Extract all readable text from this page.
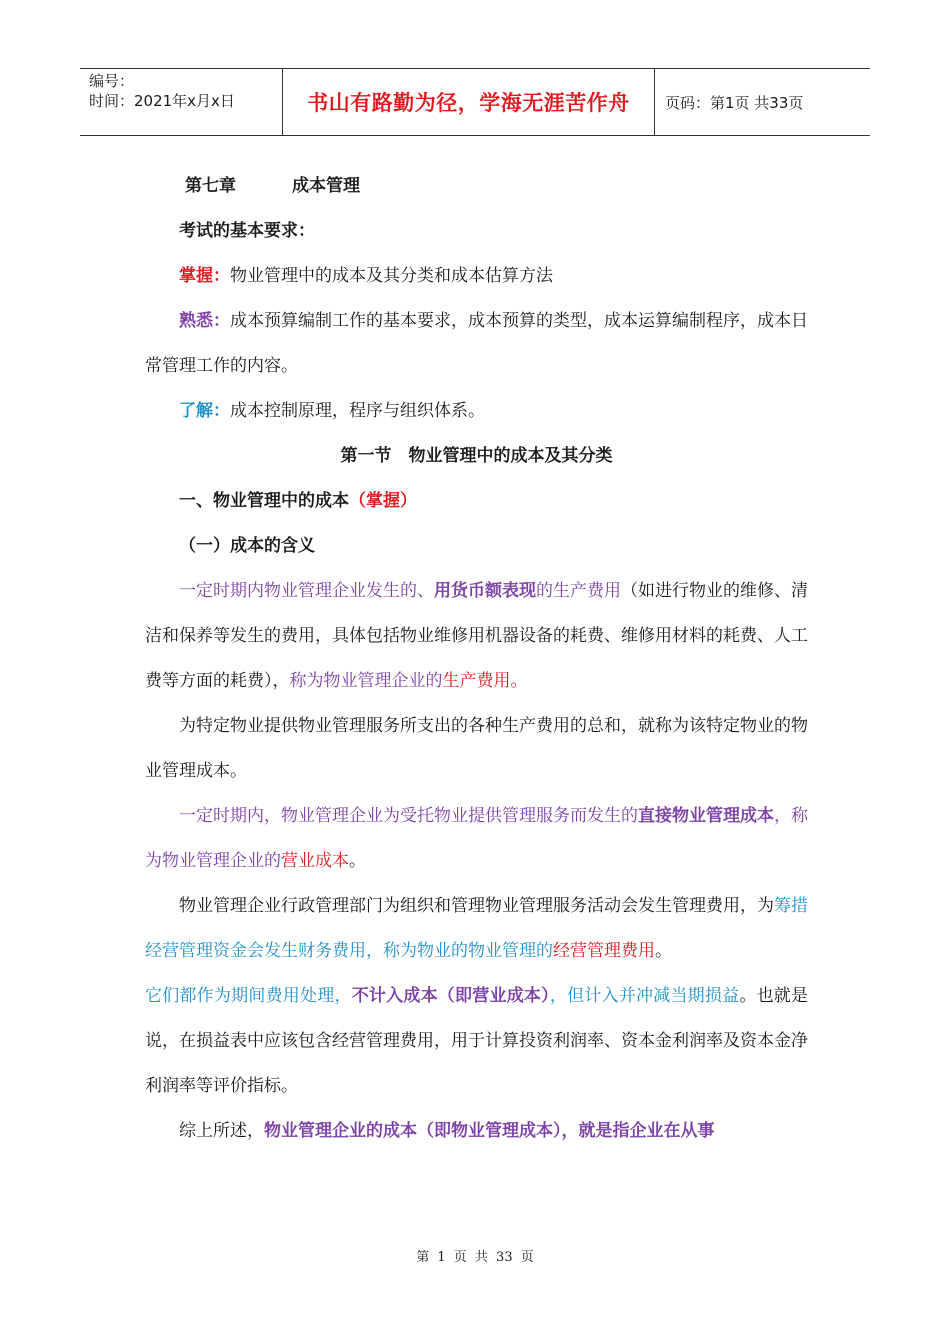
编号：
时间：2021年x月x日	书山有路勤为径，学海无涯苦作舟	页码：第1页 共33页

第七章	成本管理

考试的基本要求：

掌握：物业管理中的成本及其分类和成本估算方法

熟悉：成本预算编制工作的基本要求，成本预算的类型，成本运算编制程序，成本日常管理工作的内容。

了解：成本控制原理，程序与组织体系。

第一节　物业管理中的成本及其分类

一、物业管理中的成本（掌握）

（一）成本的含义

一定时期内物业管理企业发生的、用货币额表现的生产费用（如进行物业的维修、清洁和保养等发生的费用，具体包括物业维修用机器设备的耗费、维修用材料的耗费、人工费等方面的耗费），称为物业管理企业的生产费用。

为特定物业提供物业管理服务所支出的各种生产费用的总和，就称为该特定物业的物业管理成本。

一定时期内，物业管理企业为受托物业提供管理服务而发生的直接物业管理成本，称为物业管理企业的营业成本。

物业管理企业行政管理部门为组织和管理物业管理服务活动会发生管理费用，为筹措经营管理资金会发生财务费用，称为物业的物业管理的经营管理费用。

它们都作为期间费用处理，不计入成本（即营业成本），但计入并冲减当期损益。也就是说，在损益表中应该包含经营管理费用，用于计算投资利润率、资本金利润率及资本金净利润率等评价指标。

综上所述，物业管理企业的成本（即物业管理成本），就是指企业在从事

第 1 页 共 33 页
